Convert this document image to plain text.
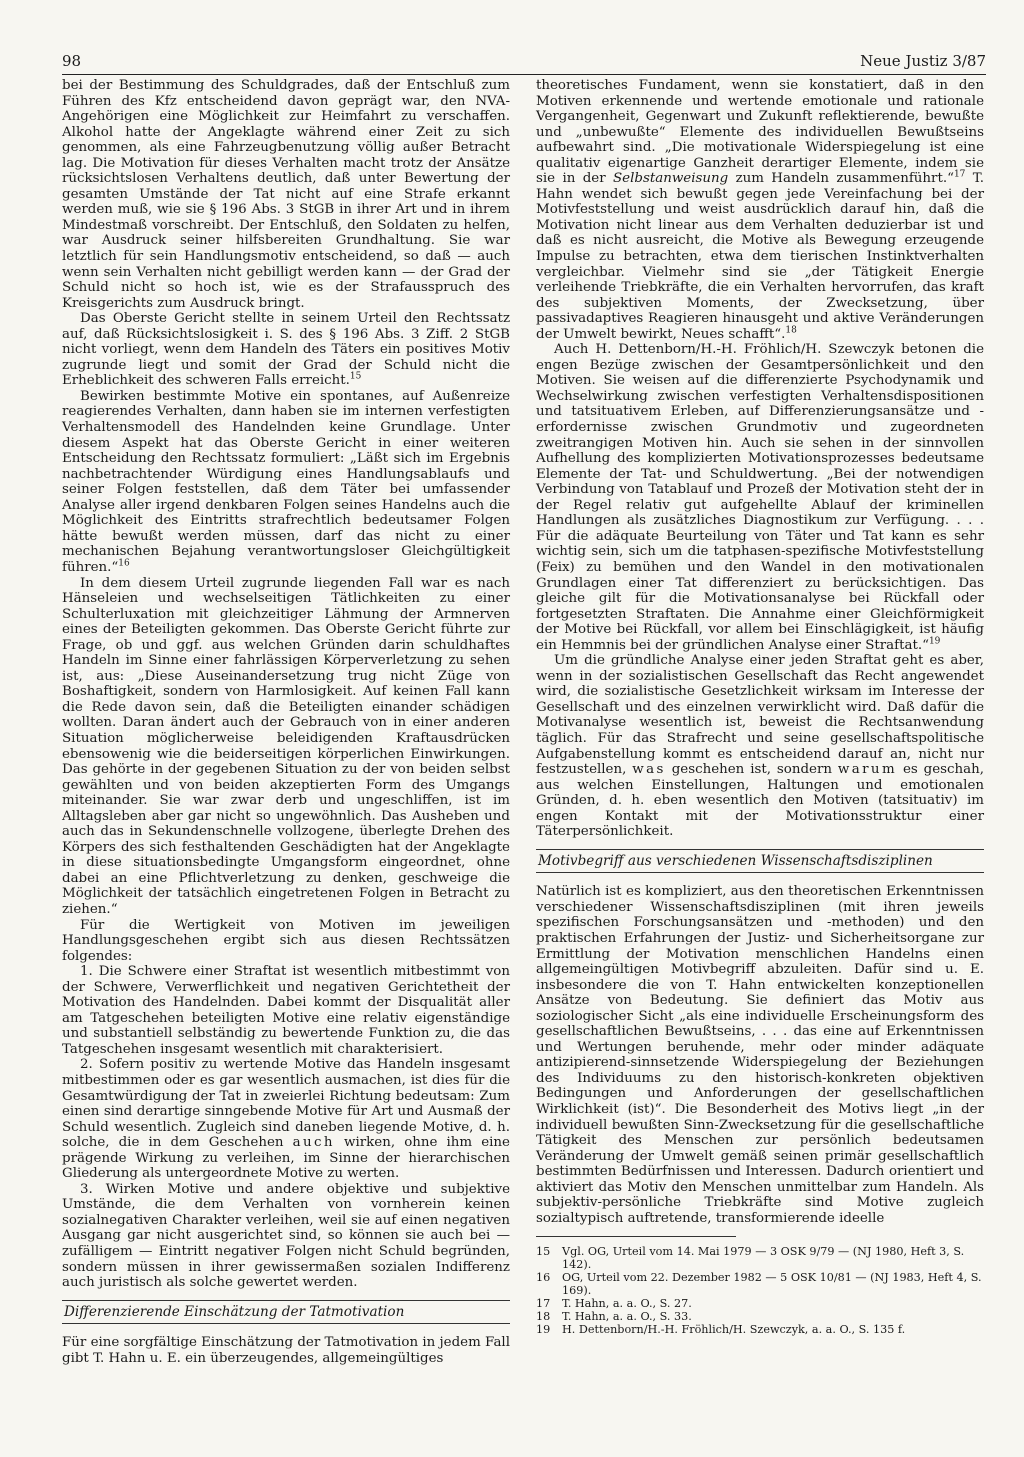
98	Neue Justiz 3/87

bei der Bestimmung des Schuldgrades, daß der Entschluß zum Führen des Kfz entscheidend davon geprägt war, den NVA-Angehörigen eine Möglichkeit zur Heimfahrt zu verschaffen. Alkohol hatte der Angeklagte während einer Zeit zu sich genommen, als eine Fahrzeugbenutzung völlig außer Betracht lag. Die Motivation für dieses Verhalten macht trotz der Ansätze rücksichtslosen Verhaltens deutlich, daß unter Bewertung der gesamten Umstände der Tat nicht auf eine Strafe erkannt werden muß, wie sie § 196 Abs. 3 StGB in ihrer Art und in ihrem Mindestmaß vorschreibt. Der Entschluß, den Soldaten zu helfen, war Ausdruck seiner hilfsbereiten Grundhaltung. Sie war letztlich für sein Handlungsmotiv entscheidend, so daß — auch wenn sein Verhalten nicht gebilligt werden kann — der Grad der Schuld nicht so hoch ist, wie es der Strafausspruch des Kreisgerichts zum Ausdruck bringt.

Das Oberste Gericht stellte in seinem Urteil den Rechtssatz auf, daß Rücksichtslosigkeit i. S. des § 196 Abs. 3 Ziff. 2 StGB nicht vorliegt, wenn dem Handeln des Täters ein positives Motiv zugrunde liegt und somit der Grad der Schuld nicht die Erheblichkeit des schweren Falls erreicht.$^{15}$

Bewirken bestimmte Motive ein spontanes, auf Außenreize reagierendes Verhalten, dann haben sie im internen verfestigten Verhaltensmodell des Handelnden keine Grundlage. Unter diesem Aspekt hat das Oberste Gericht in einer weiteren Entscheidung den Rechtssatz formuliert: „Läßt sich im Ergebnis nachbetrachtender Würdigung eines Handlungsablaufs und seiner Folgen feststellen, daß dem Täter bei umfassender Analyse aller irgend denkbaren Folgen seines Handelns auch die Möglichkeit des Eintritts strafrechtlich bedeutsamer Folgen hätte bewußt werden müssen, darf das nicht zu einer mechanischen Bejahung verantwortungsloser Gleichgültigkeit führen.“$^{16}$

In dem diesem Urteil zugrunde liegenden Fall war es nach Hänseleien und wechselseitigen Tätlichkeiten zu einer Schulterluxation mit gleichzeitiger Lähmung der Armnerven eines der Beteiligten gekommen. Das Oberste Gericht führte zur Frage, ob und ggf. aus welchen Gründen darin schuldhaftes Handeln im Sinne einer fahrlässigen Körperverletzung zu sehen ist, aus: „Diese Auseinandersetzung trug nicht Züge von Boshaftigkeit, sondern von Harmlosigkeit. Auf keinen Fall kann die Rede davon sein, daß die Beteiligten einander schädigen wollten. Daran ändert auch der Gebrauch von in einer anderen Situation möglicherweise beleidigenden Kraftausdrücken ebensowenig wie die beiderseitigen körperlichen Einwirkungen. Das gehörte in der gegebenen Situation zu der von beiden selbst gewählten und von beiden akzeptierten Form des Umgangs miteinander. Sie war zwar derb und ungeschliffen, ist im Alltagsleben aber gar nicht so ungewöhnlich. Das Ausheben und auch das in Sekundenschnelle vollzogene, überlegte Drehen des Körpers des sich festhaltenden Geschädigten hat der Angeklagte in diese situationsbedingte Umgangsform eingeordnet, ohne dabei an eine Pflichtverletzung zu denken, geschweige die Möglichkeit der tatsächlich eingetretenen Folgen in Betracht zu ziehen.“

Für die Wertigkeit von Motiven im jeweiligen Handlungsgeschehen ergibt sich aus diesen Rechtssätzen folgendes:

1. Die Schwere einer Straftat ist wesentlich mitbestimmt von der Schwere, Verwerflichkeit und negativen Gerichtetheit der Motivation des Handelnden. Dabei kommt der Disqualität aller am Tatgeschehen beteiligten Motive eine relativ eigenständige und substantiell selbständig zu bewertende Funktion zu, die das Tatgeschehen insgesamt wesentlich mit charakterisiert.

2. Sofern positiv zu wertende Motive das Handeln insgesamt mitbestimmen oder es gar wesentlich ausmachen, ist dies für die Gesamtwürdigung der Tat in zweierlei Richtung bedeutsam: Zum einen sind derartige sinngebende Motive für Art und Ausmaß der Schuld wesentlich. Zugleich sind daneben liegende Motive, d. h. solche, die in dem Geschehen auch wirken, ohne ihm eine prägende Wirkung zu verleihen, im Sinne der hierarchischen Gliederung als untergeordnete Motive zu werten.

3. Wirken Motive und andere objektive und subjektive Umstände, die dem Verhalten von vornherein keinen sozialnegativen Charakter verleihen, weil sie auf einen negativen Ausgang gar nicht ausgerichtet sind, so können sie auch bei — zufälligem — Eintritt negativer Folgen nicht Schuld begründen, sondern müssen in ihrer gewissermaßen sozialen Indifferenz auch juristisch als solche gewertet werden.

Differenzierende Einschätzung der Tatmotivation

Für eine sorgfältige Einschätzung der Tatmotivation in jedem Fall gibt T. Hahn u. E. ein überzeugendes, allgemeingültiges

theoretisches Fundament, wenn sie konstatiert, daß in den Motiven erkennende und wertende emotionale und rationale Vergangenheit, Gegenwart und Zukunft reflektierende, bewußte und „unbewußte“ Elemente des individuellen Bewußtseins aufbewahrt sind. „Die motivationale Widerspiegelung ist eine qualitativ eigenartige Ganzheit derartiger Elemente, indem sie sie in der Selbstanweisung zum Handeln zusammenführt.“$^{17}$ T. Hahn wendet sich bewußt gegen jede Vereinfachung bei der Motivfeststellung und weist ausdrücklich darauf hin, daß die Motivation nicht linear aus dem Verhalten deduzierbar ist und daß es nicht ausreicht, die Motive als Bewegung erzeugende Impulse zu betrachten, etwa dem tierischen Instinktverhalten vergleichbar. Vielmehr sind sie „der Tätigkeit Energie verleihende Triebkräfte, die ein Verhalten hervorrufen, das kraft des subjektiven Moments, der Zwecksetzung, über passivadaptives Reagieren hinausgeht und aktive Veränderungen der Umwelt bewirkt, Neues schafft“.$^{18}$

Auch H. Dettenborn/H.-H. Fröhlich/H. Szewczyk betonen die engen Bezüge zwischen der Gesamtpersönlichkeit und den Motiven. Sie weisen auf die differenzierte Psychodynamik und Wechselwirkung zwischen verfestigten Verhaltensdispositionen und tatsituativem Erleben, auf Differenzierungsansätze und -erfordernisse zwischen Grundmotiv und zugeordneten zweitrangigen Motiven hin. Auch sie sehen in der sinnvollen Aufhellung des komplizierten Motivationsprozesses bedeutsame Elemente der Tat- und Schuldwertung. „Bei der notwendigen Verbindung von Tatablauf und Prozeß der Motivation steht der in der Regel relativ gut aufgehellte Ablauf der kriminellen Handlungen als zusätzliches Diagnostikum zur Verfügung. . . . Für die adäquate Beurteilung von Täter und Tat kann es sehr wichtig sein, sich um die tatphasen-spezifische Motivfeststellung (Feix) zu bemühen und den Wandel in den motivationalen Grundlagen einer Tat differenziert zu berücksichtigen. Das gleiche gilt für die Motivationsanalyse bei Rückfall oder fortgesetzten Straftaten. Die Annahme einer Gleichförmigkeit der Motive bei Rückfall, vor allem bei Einschlägigkeit, ist häufig ein Hemmnis bei der gründlichen Analyse einer Straftat.“$^{19}$

Um die gründliche Analyse einer jeden Straftat geht es aber, wenn in der sozialistischen Gesellschaft das Recht angewendet wird, die sozialistische Gesetzlichkeit wirksam im Interesse der Gesellschaft und des einzelnen verwirklicht wird. Daß dafür die Motivanalyse wesentlich ist, beweist die Rechtsanwendung täglich. Für das Strafrecht und seine gesellschaftspolitische Aufgabenstellung kommt es entscheidend darauf an, nicht nur festzustellen, was geschehen ist, sondern warum es geschah, aus welchen Einstellungen, Haltungen und emotionalen Gründen, d. h. eben wesentlich den Motiven (tatsituativ) im engen Kontakt mit der Motivationsstruktur einer Täterpersönlichkeit.

Motivbegriff aus verschiedenen Wissenschaftsdisziplinen

Natürlich ist es kompliziert, aus den theoretischen Erkenntnissen verschiedener Wissenschaftsdisziplinen (mit ihren jeweils spezifischen Forschungsansätzen und -methoden) und den praktischen Erfahrungen der Justiz- und Sicherheitsorgane zur Ermittlung der Motivation menschlichen Handelns einen allgemeingültigen Motivbegriff abzuleiten. Dafür sind u. E. insbesondere die von T. Hahn entwickelten konzeptionellen Ansätze von Bedeutung. Sie definiert das Motiv aus soziologischer Sicht „als eine individuelle Erscheinungsform des gesellschaftlichen Bewußtseins, . . . das eine auf Erkenntnissen und Wertungen beruhende, mehr oder minder adäquate antizipierend-sinnsetzende Widerspiegelung der Beziehungen des Individuums zu den historisch-konkreten objektiven Bedingungen und Anforderungen der gesellschaftlichen Wirklichkeit (ist)“. Die Besonderheit des Motivs liegt „in der individuell bewußten Sinn-Zwecksetzung für die gesellschaftliche Tätigkeit des Menschen zur persönlich bedeutsamen Veränderung der Umwelt gemäß seinen primär gesellschaftlich bestimmten Bedürfnissen und Interessen. Dadurch orientiert und aktiviert das Motiv den Menschen unmittelbar zum Handeln. Als subjektiv-persönliche Triebkräfte sind Motive zugleich sozialtypisch auftretende, transformierende ideelle

15	Vgl. OG, Urteil vom 14. Mai 1979 — 3 OSK 9/79 — (NJ 1980, Heft 3, S. 142).
16	OG, Urteil vom 22. Dezember 1982 — 5 OSK 10/81 — (NJ 1983, Heft 4, S. 169).
17	T. Hahn, a. a. O., S. 27.
18	T. Hahn, a. a. O., S. 33.
19	H. Dettenborn/H.-H. Fröhlich/H. Szewczyk, a. a. O., S. 135 f.
